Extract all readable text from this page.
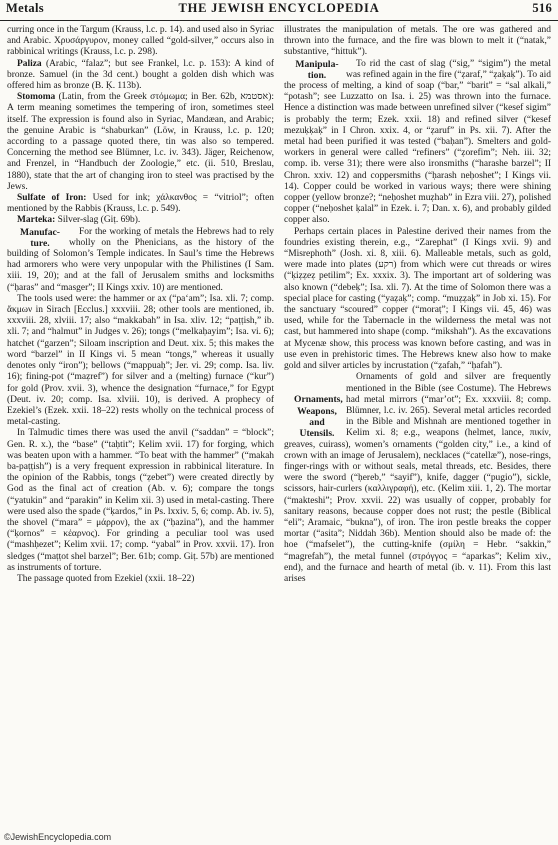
Metals	THE JEWISH ENCYCLOPEDIA	516

curring once in the Targum (Krauss, l.c. p. 14). and used also in Syriac and Arabic. Χρυσάργυρον, money called “gold-silver,” occurs also in rabbinical writings (Krauss, l.c. p. 298).

Paliza (Arabic, “falaz”; but see Frankel, l.c. p. 153): A kind of bronze. Samuel (in the 3d cent.) bought a golden dish which was offered him as bronze (B. Ḳ. 113b).

Stomoma (Latin, from the Greek στόμωμα; in Ber. 62b, אסטמא): A term meaning sometimes the tempering of iron, sometimes steel itself. The expression is found also in Syriac, Mandæan, and Arabic; the genuine Arabic is “shaburkan” (Löw, in Krauss, l.c. p. 120; according to a passage quoted there, tin was also so tempered. Concerning the method see Blümner, l.c. iv. 343). Jäger, Reichenow, and Frenzel, in “Handbuch der Zoologie,” etc. (ii. 510, Breslau, 1880), state that the art of changing iron to steel was practised by the Jews.

Sulfate of Iron: Used for ink; χάλκανθος = “vitriol”; often mentioned by the Rabbis (Krauss, l.c. p. 549).

Marteka: Silver-slag (Giṭ. 69b).

Manufac-
ture.
For the working of metals the Hebrews had to rely wholly on the Phenicians, as the history of the building of Solomon’s Temple indicates. In Saul’s time the Hebrews had armorers who were very unpopular with the Philistines (I Sam. xiii. 19, 20); and at the fall of Jerusalem smiths and locksmiths (“ḥaras” and “masger”; II Kings xxiv. 10) are mentioned.

The tools used were: the hammer or ax (“pa‘am”; Isa. xli. 7; comp. ἄκμων in Sirach [Ecclus.] xxxviii. 28; other tools are mentioned, ib. xxxviii. 28, xlviii. 17; also “makkabah” in Isa. xliv. 12; “paṭṭish,” ib. xli. 7; and “halmut” in Judges v. 26); tongs (“melkaḥayim”; Isa. vi. 6); hatchet (“garzen”; Siloam inscription and Deut. xix. 5; this makes the word “barzel” in II Kings vi. 5 mean “tongs,” whereas it usually denotes only “iron”); bellows (“mappuaḥ”; Jer. vi. 29; comp. Isa. liv. 16); fining-pot (“maẓref”) for silver and a (melting) furnace (“kur”) for gold (Prov. xvii. 3), whence the designation “furnace,” for Egypt (Deut. iv. 20; comp. Isa. xlviii. 10), is derived. A prophecy of Ezekiel’s (Ezek. xxii. 18–22) rests wholly on the technical process of metal-casting.

In Talmudic times there was used the anvil (“saddan” = “block”; Gen. R. x.), the “base” (“taḥtit”; Kelim xvii. 17) for forging, which was beaten upon with a hammer. “To beat with the hammer” (“makah ba-paṭṭish”) is a very frequent expression in rabbinical literature. In the opinion of the Rabbis, tongs (“ẓebet”) were created directly by God as the final act of creation (Ab. v. 6); compare the tongs (“yatukin” and “parakin” in Kelim xii. 3) used in metal-casting. There were used also the spade (“ḳardos,” in Ps. lxxiv. 5, 6; comp. Ab. iv. 5), the shovel (“mara” = μάρρον), the ax (“ḥazina”), and the hammer (“ḳornos” = κέαρνος). For grinding a peculiar tool was used (“mashḥezet”; Kelim xvii. 17; comp. “yabal” in Prov. xxvii. 17). Iron sledges (“maṭṭot shel barzel”; Ber. 61b; comp. Giṭ. 57b) are mentioned as instruments of torture.

The passage quoted from Ezekiel (xxii. 18–22)

illustrates the manipulation of metals. The ore was gathered and thrown into the furnace, and the fire was blown to melt it (“natak,” substantive, “hittuk”).

Manipula-
tion.
To rid the cast of slag (“sig,” “sigim”) the metal was refined again in the fire (“ẓaraf,” “ẓaḳaḳ”). To aid the process of melting, a kind of soap (“bar,” “barit” = “sal alkali,” “potash”; see Luzzatto on Isa. i. 25) was thrown into the furnace. Hence a distinction was made between unrefined silver (“kesef sigim” is probably the term; Ezek. xxii. 18) and refined silver (“kesef mezuḳḳaḳ” in I Chron. xxix. 4, or “ẓaruf” in Ps. xii. 7). After the metal had been purified it was tested (“baḥan”). Smelters and gold-workers in general were called “refiners” (“ẓorefim”; Neh. iii. 32; comp. ib. verse 31); there were also ironsmiths (“harashe barzel”; II Chron. xxiv. 12) and coppersmiths (“ḥarash neḥoshet”; I Kings vii. 14). Copper could be worked in various ways; there were shining copper (yellow bronze?; “neḥoshet muẓhab” in Ezra viii. 27), polished copper (“neḥoshet ḳalal” in Ezek. i. 7; Dan. x. 6), and probably gilded copper also.

Perhaps certain places in Palestine derived their names from the foundries existing therein, e.g., “Zarephat” (I Kings xvii. 9) and “Misrephoth” (Josh. xi. 8, xiii. 6). Malleable metals, such as gold, were made into plates (רקע) from which were cut threads or wires (“ḳiẓẓeẓ petilim”; Ex. xxxix. 3). The important art of soldering was also known (“debeḳ”; Isa. xli. 7). At the time of Solomon there was a special place for casting (“yaẓaḳ”; comp. “muẓẓaḳ” in Job xi. 15). For the sanctuary “scoured” copper (“moraṭ”; I Kings vii. 45, 46) was used, while for the Tabernacle in the wilderness the metal was not cast, but hammered into shape (comp. “mikshah”). As the excavations at Mycenæ show, this process was known before casting, and was in use even in prehistoric times. The Hebrews knew also how to make gold and silver articles by incrustation (“ẓafah,” “ḥafah”).

Ornaments,
Weapons,
and
Utensils.
Ornaments of gold and silver are frequently mentioned in the Bible (see Costume). The Hebrews had metal mirrors (“mar’ot”; Ex. xxxviii. 8; comp. Blümner, l.c. iv. 265). Several metal articles recorded in the Bible and Mishnah are mentioned together in Kelim xi. 8; e.g., weapons (helmet, lance, πικίν, greaves, cuirass), women’s ornaments (“golden city,” i.e., a kind of crown with an image of Jerusalem), necklaces (“catellæ”), nose-rings, finger-rings with or without seals, metal threads, etc. Besides, there were the sword (“ḥereb,” “sayif”), knife, dagger (“pugio”), sickle, scissors, hair-curlers (καλλιγραφή), etc. (Kelim xiii. 1, 2). The mortar (“makteshi”; Prov. xxvii. 22) was usually of copper, probably for sanitary reasons, because copper does not rust; the pestle (Biblical “eli”; Aramaic, “bukna”), of iron. The iron pestle breaks the copper mortar (“asita”; Niddah 36b). Mention should also be made of: the hoe (“mafselet”), the cutting-knife (σμίλη = Hebr. “sakkin,” “magrefah”), the metal funnel (στρόγγος = “aparkas”; Kelim xiv., end), and the furnace and hearth of metal (ib. v. 11). From this last arises

©JewishEncyclopedia.com
